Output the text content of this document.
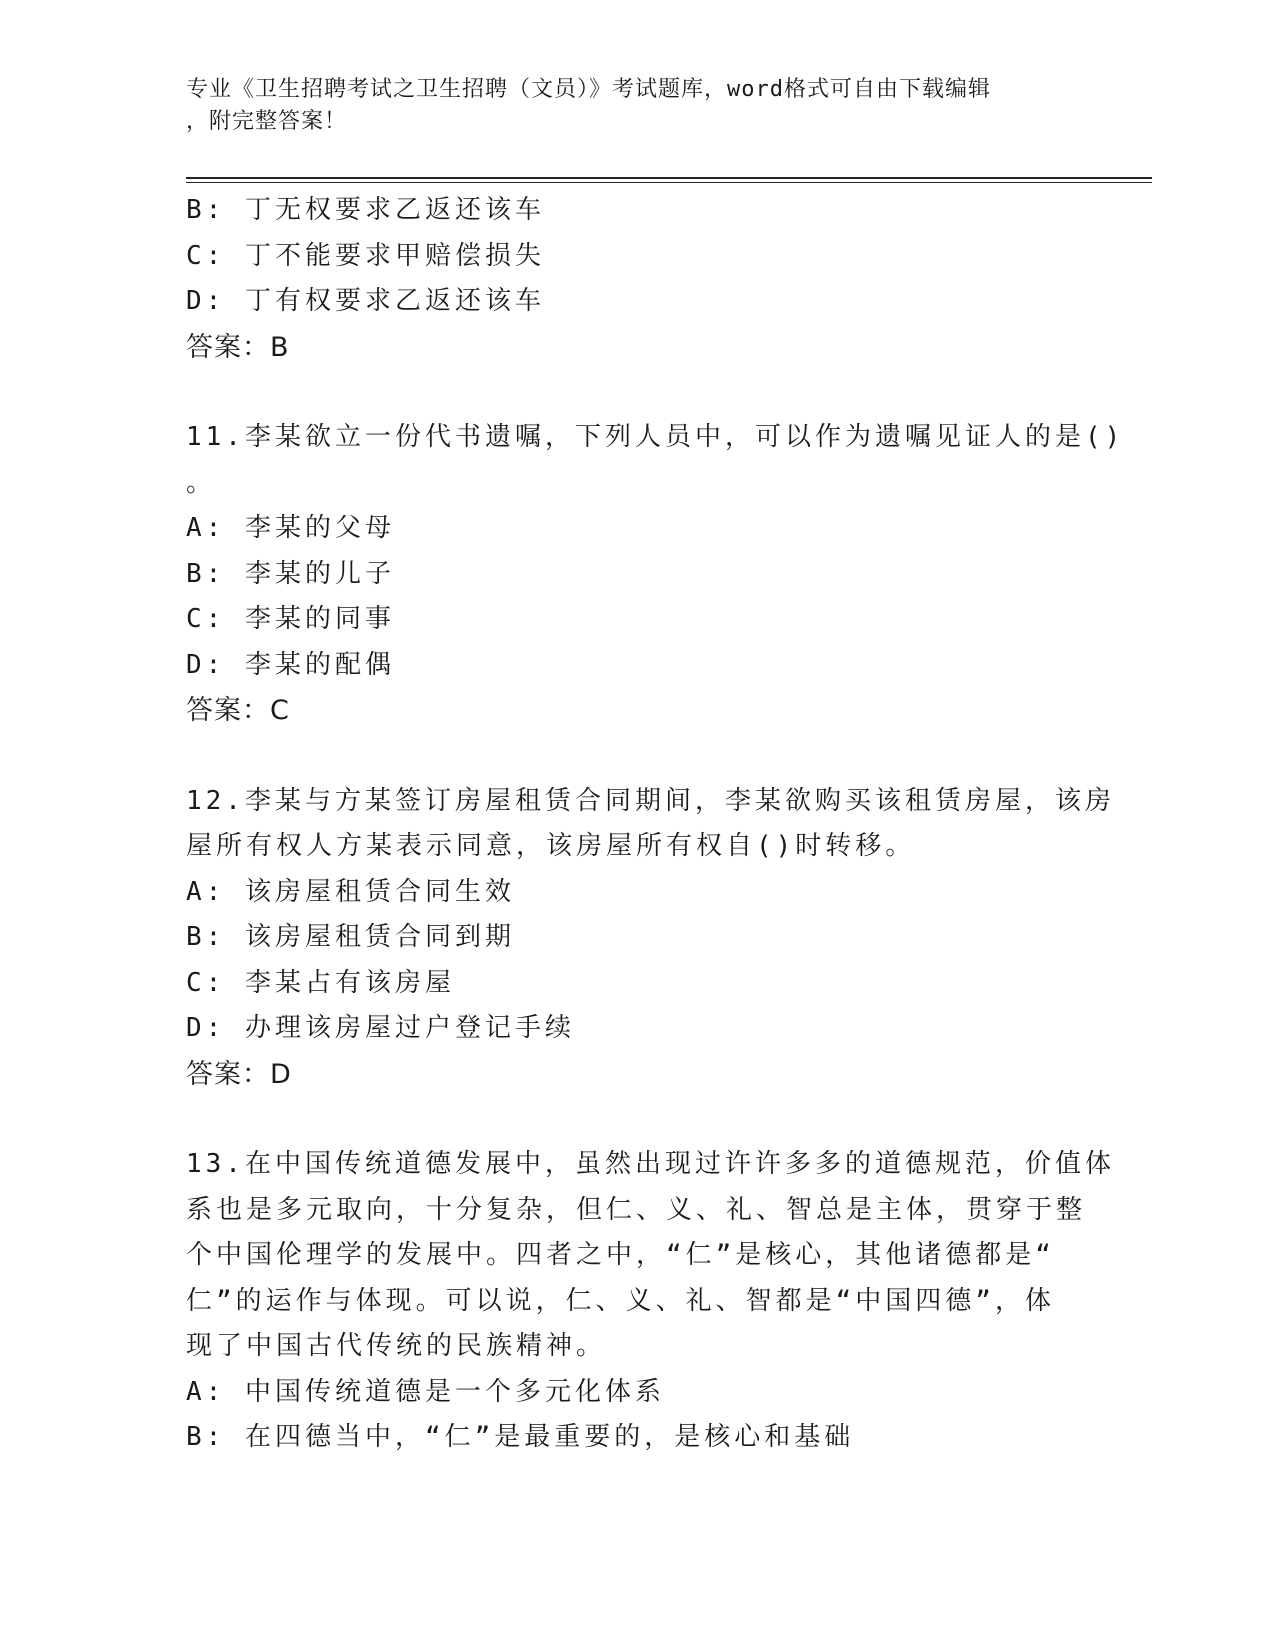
专业《卫生招聘考试之卫生招聘（文员）》考试题库，word格式可自由下载编辑
，附完整答案！
B: 丁无权要求乙返还该车
C: 丁不能要求甲赔偿损失
D: 丁有权要求乙返还该车
答案：B
11.李某欲立一份代书遗嘱，下列人员中，可以作为遗嘱见证人的是()
。
A: 李某的父母
B: 李某的儿子
C: 李某的同事
D: 李某的配偶
答案：C
12.李某与方某签订房屋租赁合同期间，李某欲购买该租赁房屋，该房
屋所有权人方某表示同意，该房屋所有权自()时转移。
A: 该房屋租赁合同生效
B: 该房屋租赁合同到期
C: 李某占有该房屋
D: 办理该房屋过户登记手续
答案：D
13.在中国传统道德发展中，虽然出现过许许多多的道德规范，价值体
系也是多元取向，十分复杂，但仁、义、礼、智总是主体，贯穿于整
个中国伦理学的发展中。四者之中，“仁”是核心，其他诸德都是“
仁”的运作与体现。可以说，仁、义、礼、智都是“中国四德”，体
现了中国古代传统的民族精神。
A: 中国传统道德是一个多元化体系
B: 在四德当中，“仁”是最重要的，是核心和基础
